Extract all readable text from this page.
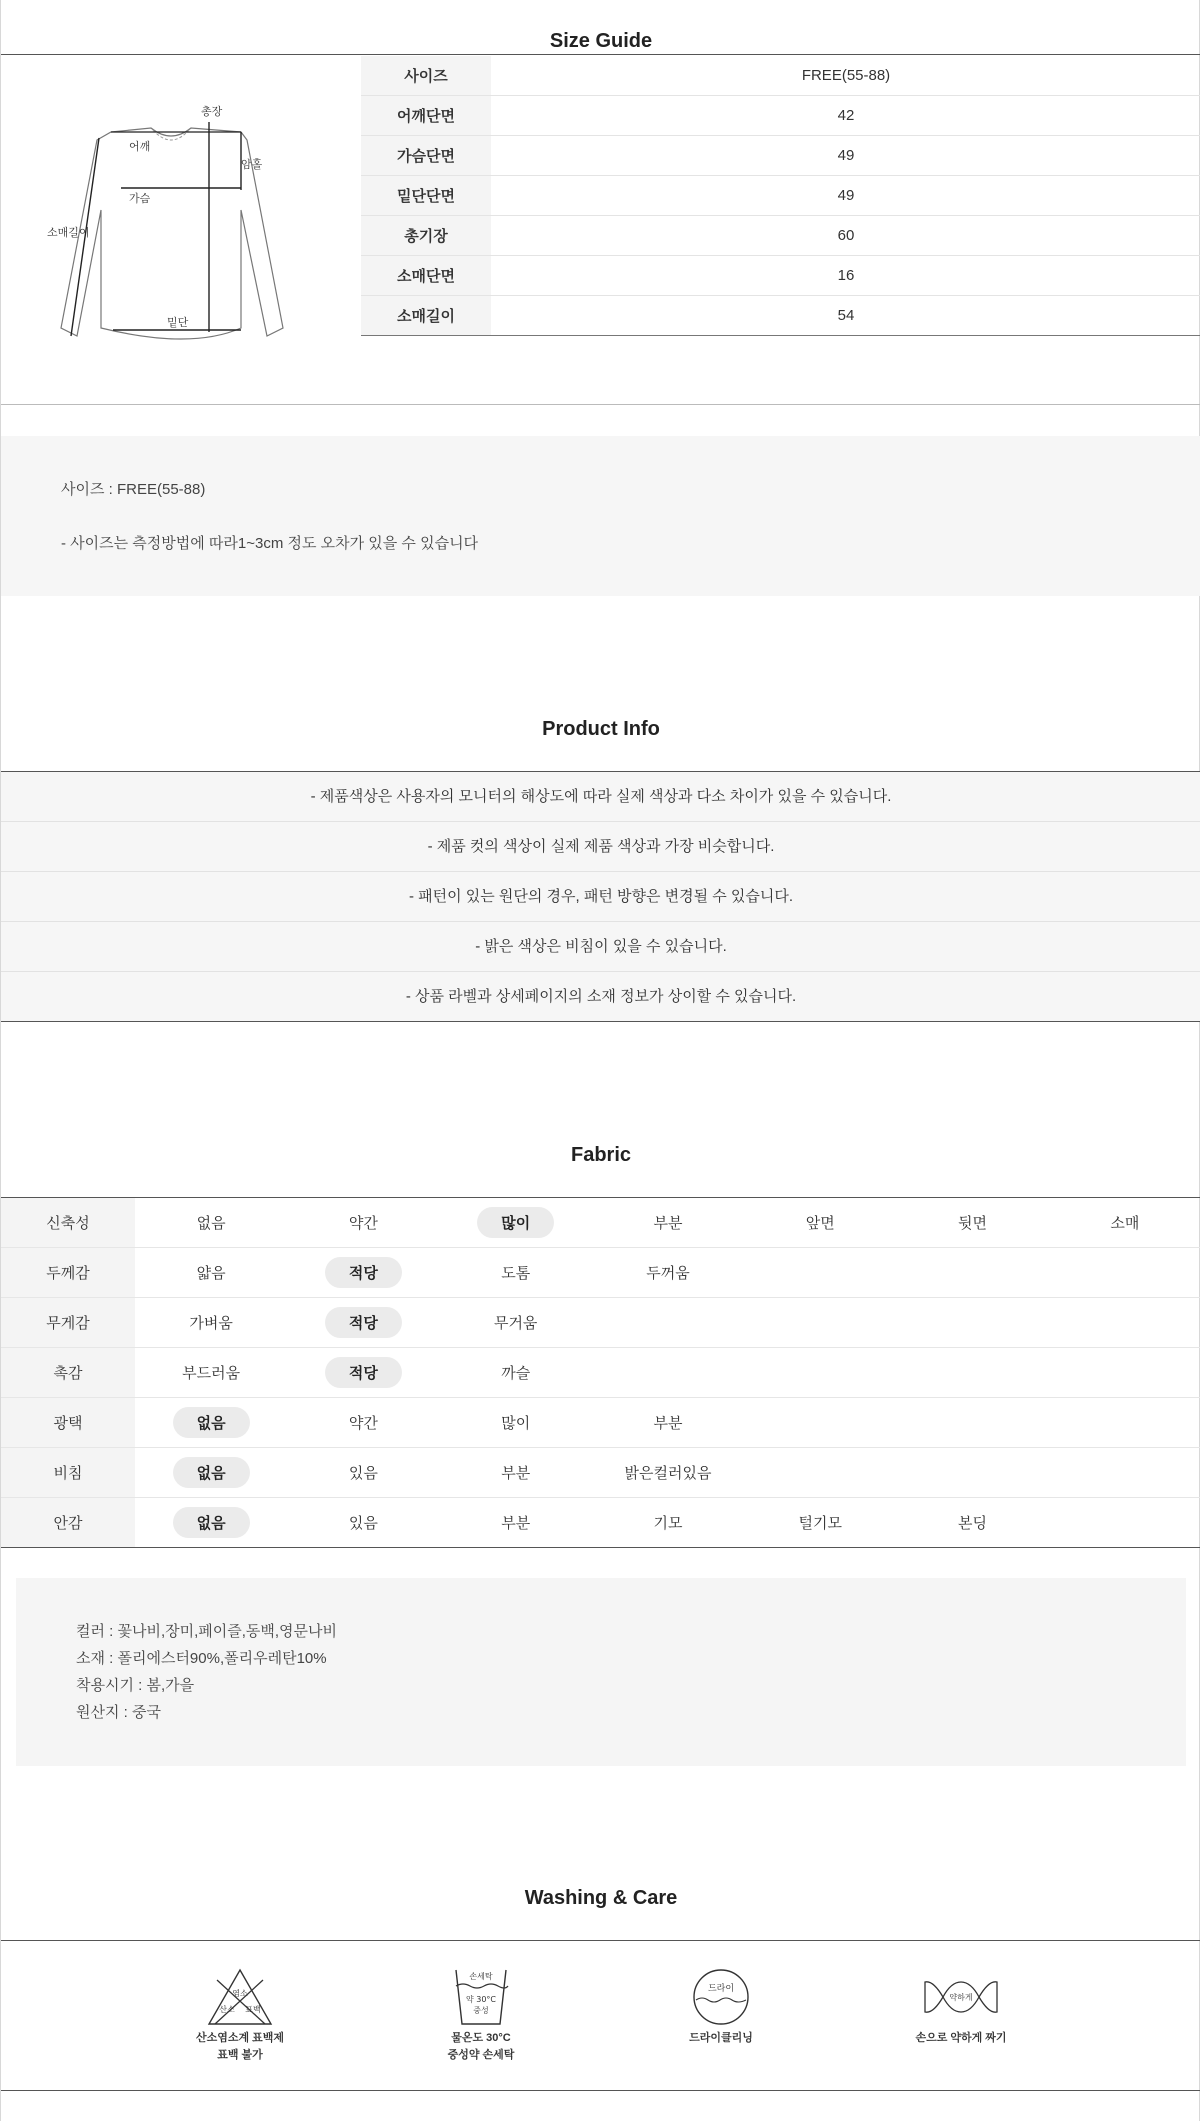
Size Guide
총장
어깨
암홀
가슴
소매길이
밑단
사이즈	FREE(55-88)
어깨단면	42
가슴단면	49
밑단단면	49
총기장	60
소매단면	16
소매길이	54
사이즈 : FREE(55-88)
- 사이즈는 측정방법에 따라1~3cm 정도 오차가 있을 수 있습니다
Product Info
- 제품색상은 사용자의 모니터의 해상도에 따라 실제 색상과 다소 차이가 있을 수 있습니다.
- 제품 컷의 색상이 실제 제품 색상과 가장 비슷합니다.
- 패턴이 있는 원단의 경우, 패턴 방향은 변경될 수 있습니다.
- 밝은 색상은 비침이 있을 수 있습니다.
- 상품 라벨과 상세페이지의 소재 정보가 상이할 수 있습니다.
Fabric
신축성	없음	약간	많이	부분	앞면	뒷면	소매
두께감	얇음	적당	도톰	두꺼움			
무게감	가벼움	적당	무거움				
촉감	부드러움	적당	까슬				
광택	없음	약간	많이	부분			
비침	없음	있음	부분	밝은컬러있음			
안감	없음	있음	부분	기모	털기모	본딩	
컬러 : 꽃나비,장미,페이즐,동백,영문나비
소재 : 폴리에스터90%,폴리우레탄10%
착용시기 : 봄,가을
원산지 : 중국
Washing & Care
염소
산소 표백
산소염소계 표백제
표백 불가
손세탁
약 30°C
중성
물온도 30°C
중성약 손세탁
드라이
드라이클리닝
약하게
손으로 약하게 짜기
